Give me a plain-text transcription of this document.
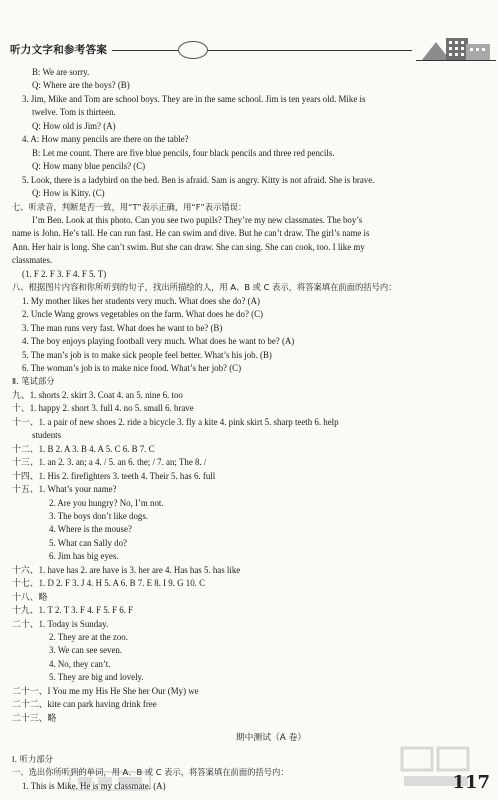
听力文字和参考答案
B: We are sorry.
Q: Where are the boys? (B)
3. Jim, Mike and Tom are school boys. They are in the same school. Jim is ten years old. Mike is
twelve. Tom is thirteen.
Q: How old is Jim? (A)
4. A: How many pencils are there on the table?
B: Let me count. There are five blue pencils, four black pencils and three red pencils.
Q: How many blue pencils? (C)
5. Look, there is a ladybird on the bed. Ben is afraid. Sam is angry. Kitty is not afraid. She is brave.
Q: How is Kitty. (C)
七、听录音，判断是否一致，用“T”表示正确，用“F”表示错误：
I’m Ben. Look at this photo. Can you see two pupils? They’re my new classmates. The boy’s
name is John. He’s tall. He can run fast. He can swim and dive. But he can’t draw. The girl’s name is
Ann. Her hair is long. She can’t swim. But she can draw. She can sing. She can cook, too. I like my
classmates.
(1. F 2. F 3. F 4. F 5. T)
八、根据图片内容和你所听到的句子，找出所描绘的人，用 A、B 或 C 表示，将答案填在前面的括号内：
1. My mother likes her students very much. What does she do? (A)
2. Uncle Wang grows vegetables on the farm. What does he do? (C)
3. The man runs very fast. What does he want to be? (B)
4. The boy enjoys playing football very much. What does he want to be? (A)
5. The man’s job is to make sick people feel better. What’s his job. (B)
6. The woman’s job is to make nice food. What’s her job? (C)
Ⅱ. 笔试部分
九、1. shorts 2. skirt 3. Coat 4. an 5. nine 6. too
十、1. happy 2. short 3. full 4. no 5. small 6. brave
十一、1. a pair of new shoes 2. ride a bicycle 3. fly a kite 4. pink skirt 5. sharp teeth 6. help
students
十二、1. B 2. A 3. B 4. A 5. C 6. B 7. C
十三、1. an 2. 3. an; a 4. / 5. an 6. the; / 7. an; The 8. /
十四、1. His 2. firefighters 3. teeth 4. Their 5. has 6. full
十五、1. What’s your name?
2. Are you hungry? No, I’m not.
3. The boys don’t like dogs.
4. Where is the mouse?
5. What can Sally do?
6. Jim has big eyes.
十六、1. have has 2. are have is 3. her are 4. Has has 5. has like
十七、1. D 2. F 3. J 4. H 5. A 6. B 7. E 8. I 9. G 10. C
十八、略
十九、1. T 2. T 3. F 4. F 5. F 6. F
二十、1. Today is Sunday.
2. They are at the zoo.
3. We can see seven.
4. No, they can’t.
5. They are big and lovely.
二十一、I You me my His He She her Our (My) we
二十二、kite can park having drink free
二十三、略
期中测试（A 卷）
Ⅰ. 听力部分
一、选出你所听到的单词，用 A、B 或 C 表示，将答案填在前面的括号内：
1. This is Mike. He is my classmate. (A)	117
